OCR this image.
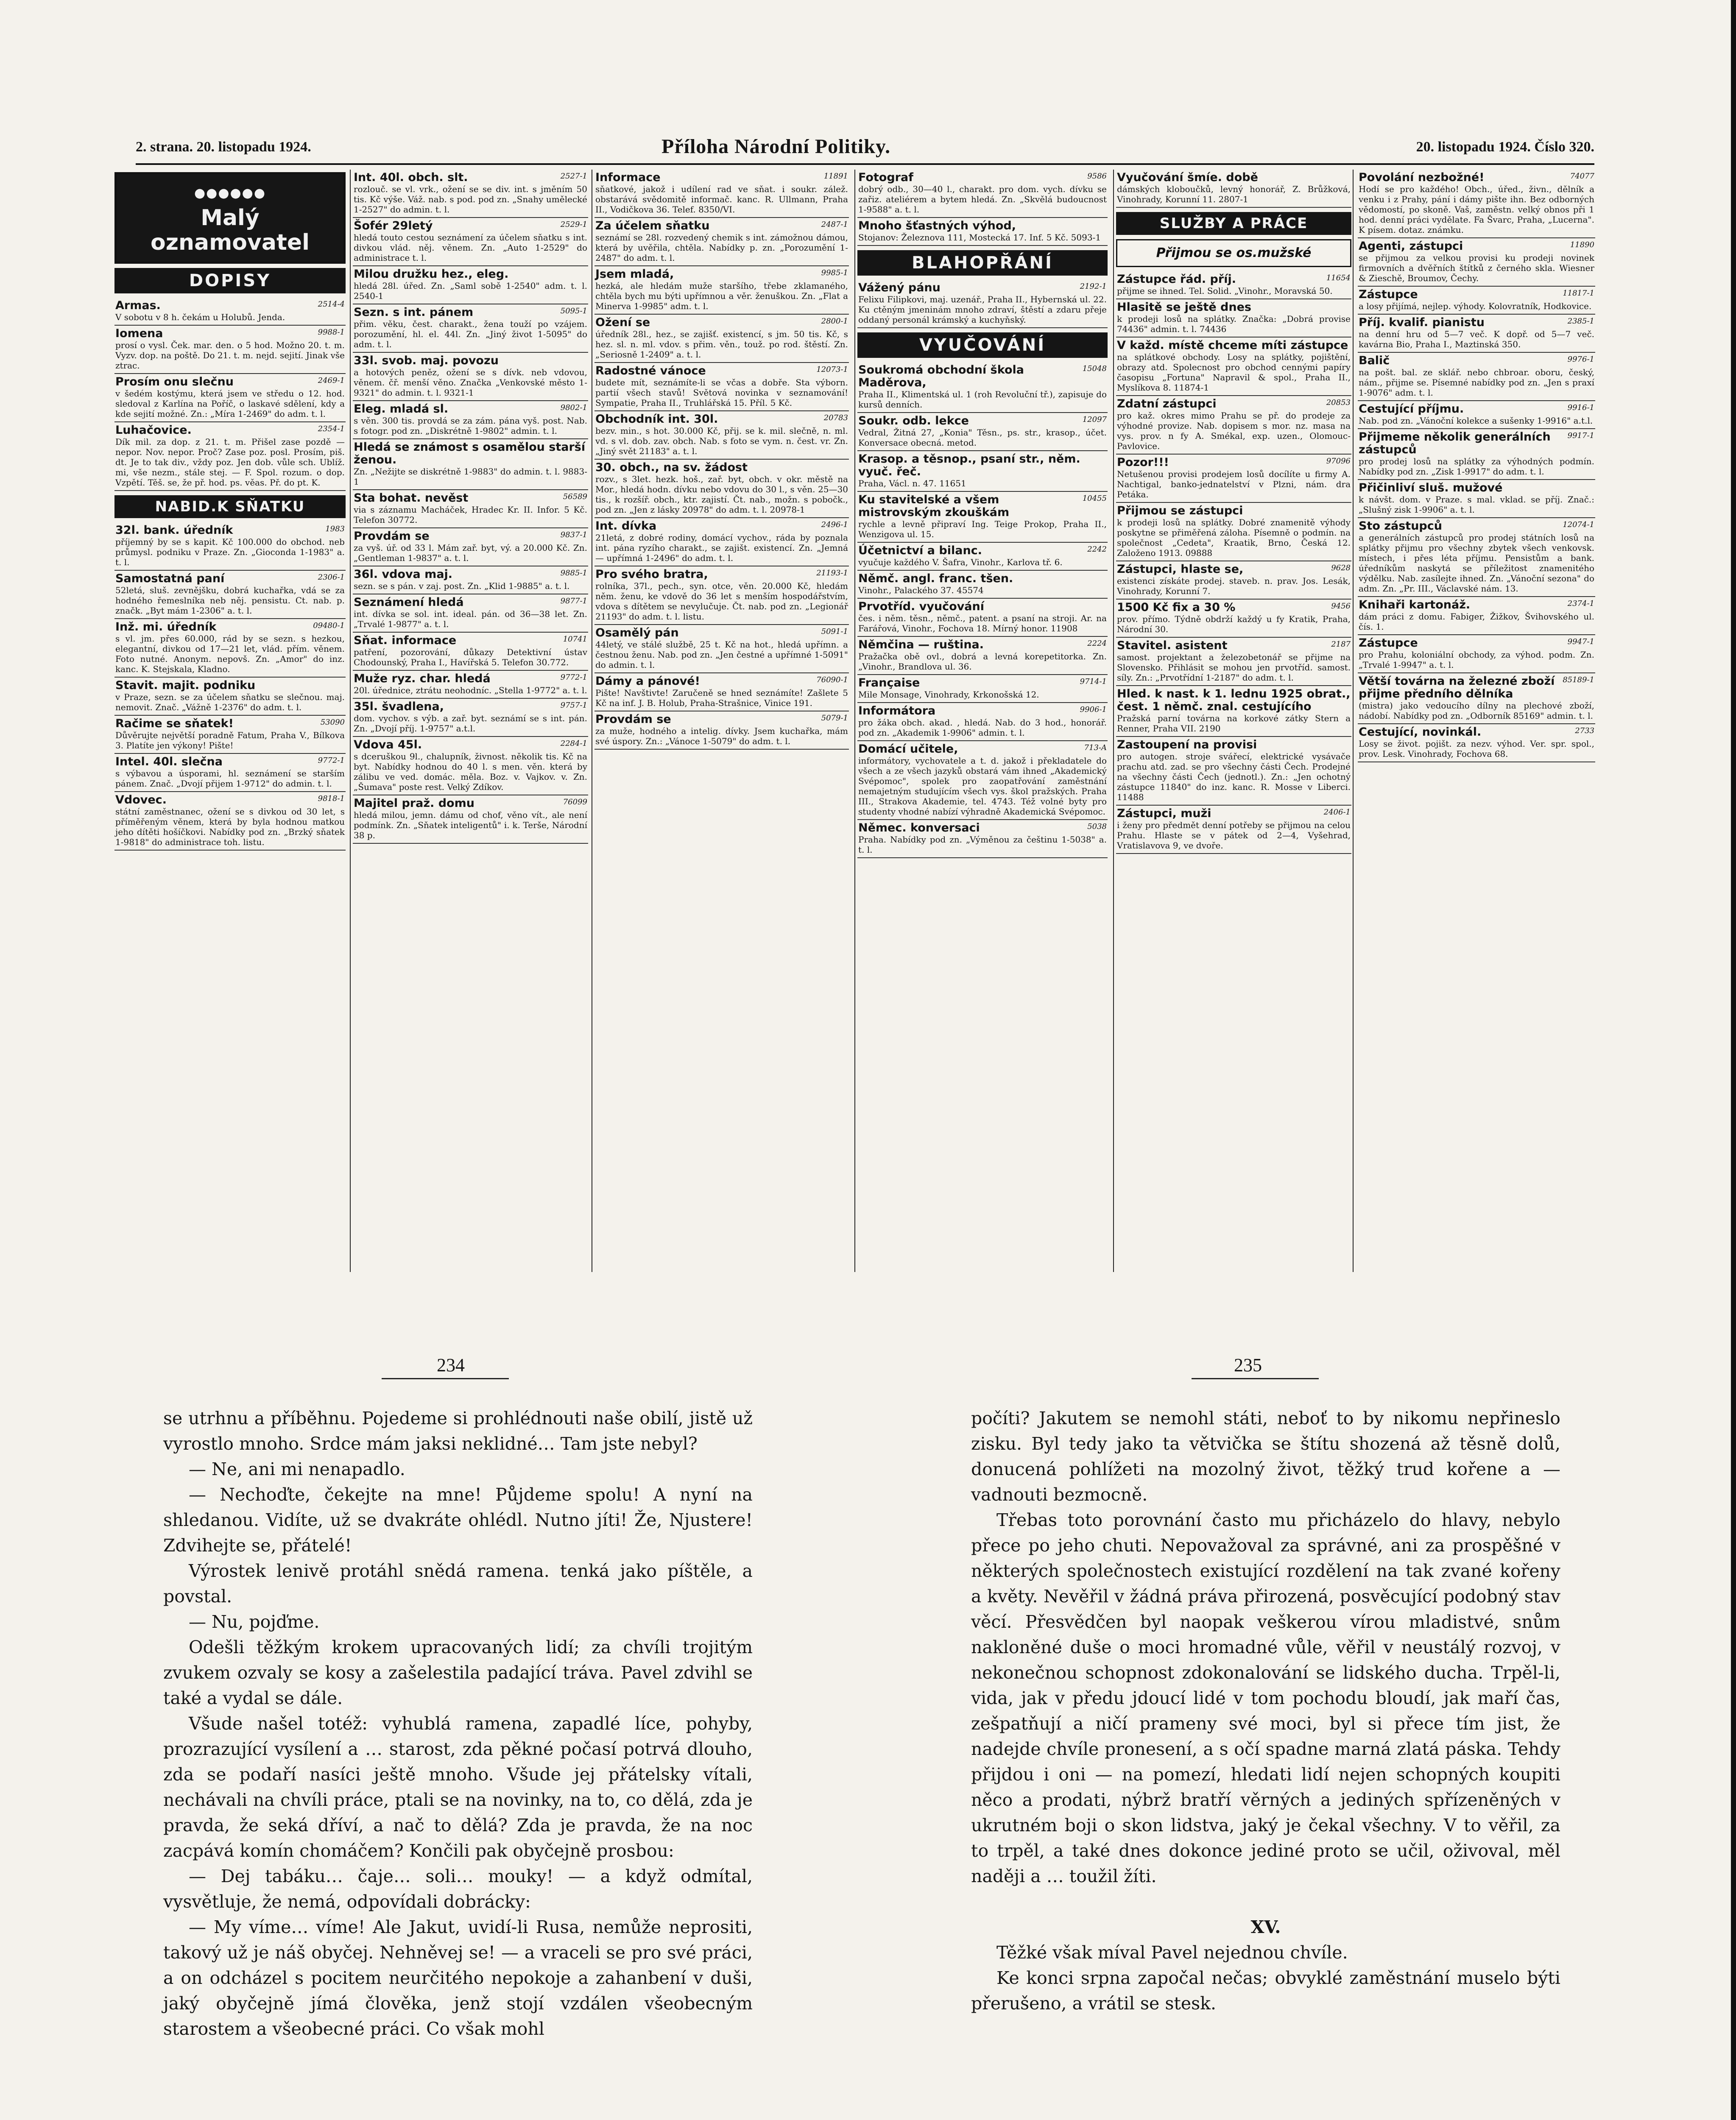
2. strana. 20. listopadu 1924.	Příloha Národní Politiky.	20. listopadu 1924. Číslo 320.
●●●●●●
Malý
oznamovatel
DOPISY
2514-4
Armas.
V sobotu v 8 h. čekám u Holubů. Jenda.
9988-1
Iomena
prosí o vysl. Ček. mar. den. o 5 hod. Možno 20. t. m. Vyzv. dop. na poště. Do 21. t. m. nejd. sejití. Jinak vše ztrac.
2469-1
Prosím onu slečnu
v šedém kostýmu, která jsem ve středu o 12. hod. sledoval z Karlína na Poříč, o laskavé sdělení, kdy a kde sejití možné. Zn.: „Míra 1-2469" do adm. t. l.
2354-1
Luhačovice.
Dík mil. za dop. z 21. t. m. Přišel zase pozdě — nepor. Nov. nepor. Proč? Zase poz. posl. Prosím, piš. dt. Je to tak div., vždy poz. Jen dob. vůle sch. Ublíž. mi, vše nezm., stále stej. — F. Spol. rozum. o dop. Vzpětí. Těš. se, že př. hod. ps. věas. Př. do pt. K.
NABID.K SŇATKU
1983
32l. bank. úředník
příjemný by se s kapit. Kč 100.000 do obchod. neb průmysl. podniku v Praze. Zn. „Gioconda 1-1983" a. t. l.
2306-1
Samostatná paní
52letá, sluš. zevnějšku, dobrá kuchařka, vdá se za hodného řemeslníka neb něj. pensistu. Ct. nab. p. značk. „Byt mám 1-2306" a. t. l.
09480-1
Inž. mi. úředník
s vl. jm. přes 60.000, rád by se sezn. s hezkou, elegantní, divkou od 17—21 let, vlád. přím. věnem. Foto nutné. Anonym. nepovš. Zn. „Amor" do inz. kanc. K. Stejskala, Kladno.
Stavit. majit. podniku
v Praze, sezn. se za účelem sňatku se slečnou. maj. nemovit. Znač. „Vážně 1-2376" do adm. t. l.
53090
Račime se sňatek!
Důvěrujte největší poradně Fatum, Praha V., Bílkova 3. Platíte jen výkony! Pište!
9772-1
Intel. 40l. slečna
s výbavou a úsporami, hl. seznámení se starším pánem. Znač. „Dvojí přijem 1-9712" do admin. t. l.
9818-1
Vdovec.
státní zaměstnanec, ožení se s divkou od 30 let, s příměřeným věnem, která by byla hodnou matkou jeho dítěti hošíčkovi. Nabídky pod zn. „Brzký sňatek 1-9818" do administrace toh. listu.
2527-1
Int. 40l. obch. slt.
rozlouč. se vl. vrk., ožení se se div. int. s jměním 50 tis. Kč výše. Váž. nab. s pod. pod zn. „Snahy umělecké 1-2527" do admin. t. l.
2529-1
Šofér 29letý
hledá touto cestou seznámení za účelem sňatku s int. divkou vlád. něj. věnem. Zn. „Auto 1-2529" do administrace t. l.
Milou družku hez., eleg.
hledá 28l. úřed. Zn. „Saml sobě 1-2540" adm. t. l. 2540-1
5095-1
Sezn. s int. pánem
přim. věku, čest. charakt., žena touží po vzájem. porozumění, hl. el. 44l. Zn. „Jiný život 1-5095" do adm. t. l.
33l. svob. maj. povozu
a hotových peněz, ožení se s dívk. neb vdovou, věnem. čř. menší věno. Značka „Venkovské město 1-9321" do admin. t. l. 9321-1
9802-1
Eleg. mladá sl.
s věn. 300 tis. provdá se za zám. pána vyš. post. Nab. s fotogr. pod zn. „Diskrétně 1-9802" admin. t. l.
Hledá se známost s osamělou starší ženou.
Zn. „Nežijte se diskrétně 1-9883" do admin. t. l. 9883-1
56589
Sta bohat. nevěst
via s záznamu Macháček, Hradec Kr. II. Infor. 5 Kč. Telefon 30772.
9837-1
Provdám se
za vyš. úř. od 33 l. Mám zař. byt, vý. a 20.000 Kč. Zn. „Gentleman 1-9837" a. t. l.
9885-1
36l. vdova maj.
sezn. se s pán. v zaj. post. Zn. „Klid 1-9885" a. t. l.
9877-1
Seznámení hledá
int. dívka se sol. int. ideal. pán. od 36—38 let. Zn. „Trvalé 1-9877" a. t. l.
10741
Sňat. informace
patření, pozorování, důkazy Detektivní ústav Chodounský, Praha I., Havířská 5. Telefon 30.772.
9772-1
Muže ryz. char. hledá
20l. úřednice, ztrátu neohodníc. „Stella 1-9772" a. t. l.
9757-1
35l. švadlena,
dom. vychov. s výb. a zař. byt. seznámí se s int. pán. Zn. „Dvojí příj. 1-9757" a.t.l.
2284-1
Vdova 45l.
s dceruškou 9l., chalupník, živnost. několik tis. Kč na byt. Nabídky hodnou do 40 l. s men. věn. která by zálibu ve ved. domác. měla. Boz. v. Vajkov. v. Zn. „Šumava" poste rest. Velký Zdíkov.
76099
Majitel praž. domu
hledá milou, jemn. dámu od chof, věno vít., ale není podmínk. Zn. „Sňatek inteligentů" i. k. Terše, Národní 38 p.
11891
Informace
sňatkové, jakož i udílení rad ve sňat. i soukr. zálež. obstarává svědomitě informač. kanc. R. Ullmann, Praha II., Vodičkova 36. Telef. 8350/VI.
2487-1
Za účelem sňatku
seznámí se 28l. rozvedený chemik s int. zámožnou dámou, která by uvěřila, chtěla. Nabídky p. zn. „Porozumění 1-2487" do adm. t. l.
9985-1
Jsem mladá,
hezká, ale hledám muže staršího, třebe zklamaného, chtěla bych mu býti upřímnou a věr. ženuškou. Zn. „Flat a Minerva 1-9985" adm. t. l.
2800-1
Ožení se
úředník 28l., hez., se zajišť. existencí, s jm. 50 tis. Kč, s hez. sl. n. ml. vdov. s přim. věn., touž. po rod. štěstí. Zn. „Seriosně 1-2409" a. t. l.
12073-1
Radostné vánoce
budete mít, seznámíte-li se včas a dobře. Sta výborn. partií všech stavů! Světová novinka v seznamování! Sympatie, Praha II., Truhlářská 15. Příl. 5 Kč.
20783
Obchodník int. 30l.
bezv. min., s hot. 30.000 Kč, přij. se k. mil. slečně, n. ml. vd. s vl. dob. zav. obch. Nab. s foto se vym. n. čest. vr. Zn. „Jiný svět 21183" a. t. l.
30. obch., na sv. žádost
rozv., s 3let. hezk. hoš., zař. byt, obch. v okr. městě na Mor., hledá hodn. dívku nebo vdovu do 30 l., s věn. 25—30 tis., k rozšíř. obch., ktr. zajistí. Čt. nab., možn. s pobočk., pod zn. „Jen z lásky 20978" do adm. t. l. 20978-1
2496-1
Int. dívka
21letá, z dobré rodiny, domácí vychov., ráda by poznala int. pána ryzího charakt., se zajišt. existencí. Zn. „Jemná — upřímná 1-2496" do adm. t. l.
21193-1
Pro svého bratra,
rolníka, 37l., pech., syn. otce, věn. 20.000 Kč, hledám něm. ženu, ke vdově do 36 let s menším hospodářstvím, vdova s dítětem se nevylučuje. Čt. nab. pod zn. „Legionář 21193" do adm. t. l. listu.
5091-1
Osamělý pán
44letý, ve stálé službě, 25 t. Kč na hot., hledá upřímn. a čestnou ženu. Nab. pod zn. „Jen čestné a upřímné 1-5091" do admin. t. l.
76090-1
Dámy a pánové!
Pište! Navštivte! Zaručeně se hned seznámíte! Zašlete 5 Kč na inf. J. B. Holub, Praha-Strašnice, Vinice 191.
5079-1
Provdám se
za muže, hodného a intelig. dívky. Jsem kuchařka, mám své úspory. Zn.: „Vánoce 1-5079" do adm. t. l.
9586
Fotograf
dobrý odb., 30—40 l., charakt. pro dom. vych. dívku se zařiz. ateliérem a bytem hledá. Zn. „Skvělá budoucnost 1-9588" a. t. l.
Mnoho šťastných výhod,
Stojanov: Železnova 111, Mostecká 17. Inf. 5 Kč. 5093-1
BLAHOPŘÁNÍ
2192-1
Vážený pánu
Felixu Filipkovi, maj. uzenář., Praha II., Hybernská ul. 22. Ku ctěným jmeninám mnoho zdraví, štěstí a zdaru přeje oddaný personál krámský a kuchyňský.
VYUČOVÁNÍ
15048
Soukromá obchodní škola Maděrova,
Praha II., Klimentská ul. 1 (roh Revoluční tř.), zapisuje do kursů denních.
12097
Soukr. odb. lekce
Vedral, Žitná 27, „Konia" Těsn., ps. str., krasop., účet. Konversace obecná. metod.
Krasop. a těsnop., psaní str., něm. vyuč. řeč.
Praha, Václ. n. 47. 11651
10455
Ku stavitelské a všem mistrovským zkouškám
rychle a levně připraví Ing. Teige Prokop, Praha II., Wenzigova ul. 15.
2242
Účetnictví a bilanc.
vyučuje každého V. Šafra, Vinohr., Karlova tř. 6.
Němč. angl. franc. tšen.
Vinohr., Palackého 37. 45574
Prvotříd. vyučování
čes. i něm. těsn., němč., patent. a psaní na stroji. Ar. na Farářová, Vinohr., Fochova 18. Mírný honor. 11908
2224
Němčina — ruština.
Pražačka obě ovl., dobrá a levná korepetitorka. Zn. „Vinohr., Brandlova ul. 36.
9714-1
Française
Mile Monsage, Vinohrady, Krkonošská 12.
9906-1
Informátora
pro žáka obch. akad. , hledá. Nab. do 3 hod., honorář. pod zn. „Akademik 1-9906" admin. t. l.
713-A
Domácí učitele,
informátory, vychovatele a t. d. jakož i překladatele do všech a ze všech jazyků obstará vám ihned „Akademický Svépomoc", spolek pro zaopatřování zaměstnání nemajetným studujícím všech vys. škol pražských. Praha III., Strakova Akademie, tel. 4743. Též volné byty pro studenty vhodné nabízí výhradně Akademická Svépomoc.
5038
Němec. konversaci
Praha. Nabídky pod zn. „Výměnou za češtinu 1-5038" a. t. l.
Vyučování šmíe. době
dámských kloboučků, levný honorář, Z. Brůžková, Vinohrady, Korunní 11. 2807-1
SLUŽBY A PRÁCE
Přijmou se os.mužské
11654
Zástupce řád. příj.
přijme se ihned. Tel. Solid. „Vinohr., Moravská 50.
Hlasitě se ještě dnes
k prodeji losů na splátky. Značka: „Dobrá provise 74436" admin. t. l. 74436
V každ. místě chceme míti zástupce
na splátkové obchody. Losy na splátky, pojištění, obrazy atd. Spolecnost pro obchod cennými papíry časopisu „Fortuna" Napravil & spol., Praha II., Myslíkova 8. 11874-1
20853
Zdatní zástupci
pro kaž. okres mimo Prahu se př. do prodeje za výhodné provize. Nab. dopisem s mor. nz. masa na vys. prov. n fy A. Smékal, exp. uzen., Olomouc-Pavlovice.
97096
Pozor!!!
Netušenou provisi prodejem losů docílíte u firmy A. Nachtigal, banko-jednatelství v Plzni, nám. dra Petáka.
Přijmou se zástupci
k prodeji losů na splátky. Dobré znamenitě výhody poskytne se přiměřená záloha. Písemně o podmín. na společnost „Cedeta", Kraatik, Brno, Česká 12. Založeno 1913. 09888
9628
Zástupci, hlaste se,
existenci získáte prodej. staveb. n. prav. Jos. Lesák, Vinohrady, Korunní 7.
9456
1500 Kč fix a 30 %
prov. přímo. Týdně obdrží každý u fy Kratik, Praha, Národní 30.
2187
Stavitel. asistent
samost. projektant a železobetonář se přijme na Slovensko. Přihlásit se mohou jen prvotříd. samost. síly. Zn.: „Prvotřídní 1-2187" do adm. t. l.
Hled. k nast. k 1. lednu 1925 obrat., čest. 1 němč. znal. cestujícího
Pražská parní továrna na korkové zátky Stern a Renner, Praha VII. 2190
Zastoupení na provisi
pro autogen. stroje svářecí, elektrické vysávače prachu atd. zad. se pro všechny části Čech. Prodejné na všechny části Čech (jednotl.). Zn.: „Jen ochotný zástupce 11840" do inz. kanc. R. Mosse v Liberci. 11488
2406-1
Zástupci, muži
i ženy pro předmět denní potřeby se přijmou na celou Prahu. Hlaste se v pátek od 2—4, Vyšehrad, Vratislavova 9, ve dvoře.
74077
Povolání nezbožné!
Hodí se pro každého! Obch., úřed., živn., dělník a venku i z Prahy, pání i dámy pište ihn. Bez odborných vědomostí, po skoně. Vaš, zaměstn. velký obnos při 1 hod. denní práci vydělate. Fa Švarc, Praha, „Lucerna". K písem. dotaz. známku.
11890
Agenti, zástupci
se přijmou za velkou provisi ku prodeji novinek firmovních a dvěřních štítků z černého skla. Wiesner & Zieschě, Broumov, Čechy.
11817-1
Zástupce
a losy přijímá, nejlep. výhody. Kolovratník, Hodkovice.
2385-1
Příj. kvalif. pianistu
na denní hru od 5—7 več. K dopř. od 5—7 več. kavárna Bio, Praha I., Maztinská 350.
9976-1
Balič
na pošt. bal. ze sklář. nebo chbroar. oboru, český, nám., přijme se. Písemné nabídky pod zn. „Jen s praxí 1-9076" adm. t. l.
9916-1
Cestující příjmu.
Nab. pod zn. „Vánoční kolekce a sušenky 1-9916" a.t.l.
9917-1
Přijmeme několik generálních zástupců
pro prodej losů na splátky za výhodných podmín. Nabídky pod zn. „Zisk 1-9917" do adm. t. l.
Přičinliví sluš. mužové
k návšt. dom. v Praze. s mal. vklad. se příj. Znač.: „Slušný zisk 1-9906" a. t. l.
12074-1
Sto zástupců
a generálních zástupců pro prodej státních losů na splátky přijmu pro všechny zbytek všech venkovsk. místech, i přes léta příjmu. Pensistům a bank. úředníkům naskytá se příležitost znamenitého výdělku. Nab. zasílejte ihned. Zn. „Vánoční sezona" do adm. Zn. „Pr. III., Václavské nám. 13.
2374-1
Knihaři kartonáž.
dám práci z domu. Fabiger, Žižkov, Švihovského ul. čís. 1.
9947-1
Zástupce
pro Prahu, koloniální obchody, za výhod. podm. Zn. „Trvalé 1-9947" a. t. l.
85189-1
Větší továrna na železné zboží přijme předního dělníka
(mistra) jako vedoucího dílny na plechové zboží, nádobí. Nabídky pod zn. „Odborník 85169" admin. t. l.
2733
Cestující, novinkál.
Losy se život. pojišt. za nezv. výhod. Ver. spr. spol., prov. Lesk. Vinohrady, Fochova 68.
234	235

se utrhnu a příběhnu. Pojedeme si prohlédnouti naše obilí, jistě už vyrostlo mnoho. Srdce mám jaksi neklidné… Tam jste nebyl?

— Ne, ani mi nenapadlo.

— Nechoďte, čekejte na mne! Půjdeme spolu! A nyní na shledanou. Vidíte, už se dvakráte ohlédl. Nutno jíti! Že, Njustere! Zdvihejte se, přátelé!

Výrostek lenivě protáhl snědá ramena. tenká jako píštěle, a povstal.

— Nu, pojďme.

Odešli těžkým krokem upracovaných lidí; za chvíli trojitým zvukem ozvaly se kosy a zašelestila padající tráva. Pavel zdvihl se také a vydal se dále.

Všude našel totéž: vyhublá ramena, zapadlé líce, pohyby, prozrazující vysílení a … starost, zda pěkné počasí potrvá dlouho, zda se podaří nasíci ještě mnoho. Všude jej přátelsky vítali, nechávali na chvíli práce, ptali se na novinky, na to, co dělá, zda je pravda, že seká dříví, a nač to dělá? Zda je pravda, že na noc zacpává komín chomáčem? Končili pak obyčejně prosbou:

— Dej tabáku… čaje… soli… mouky! — a když odmítal, vysvětluje, že nemá, odpovídali dobrácky:

— My víme… víme! Ale Jakut, uvidí-li Rusa, nemůže neprositi, takový už je náš obyčej. Nehněvej se! — a vraceli se pro své práci, a on odcházel s pocitem neurčitého nepokoje a zahanbení v duši, jaký obyčejně jímá člověka, jenž stojí vzdálen všeobecným starostem a všeobecné práci. Co však mohl

počíti? Jakutem se nemohl státi, neboť to by nikomu nepřineslo zisku. Byl tedy jako ta větvička se štítu shozená až těsně dolů, donucená pohlížeti na mozolný život, těžký trud kořene a — vadnouti bezmocně.

Třebas toto porovnání často mu přicházelo do hlavy, nebylo přece po jeho chuti. Nepovažoval za správné, ani za prospěšné v některých společnostech existující rozdělení na tak zvané kořeny a květy. Nevěřil v žádná práva přirozená, posvěcující podobný stav věcí. Přesvědčen byl naopak veškerou vírou mladistvé, snům nakloněné duše o moci hromadné vůle, věřil v neustálý rozvoj, v nekonečnou schopnost zdokonalování se lidského ducha. Trpěl-li, vida, jak v předu jdoucí lidé v tom pochodu bloudí, jak maří čas, zešpatňují a ničí prameny své moci, byl si přece tím jist, že nadejde chvíle pronesení, a s očí spadne marná zlatá páska. Tehdy přijdou i oni — na pomezí, hledati lidí nejen schopných koupiti něco a prodati, nýbrž bratří věrných a jediných spřízeněných v ukrutném boji o skon lidstva, jaký je čekal všechny. V to věřil, za to trpěl, a také dnes dokonce jediné proto se učil, oživoval, měl naději a … toužil žíti.

XV.

Těžké však míval Pavel nejednou chvíle.

Ke konci srpna započal nečas; obvyklé zaměstnání muselo býti přerušeno, a vrátil se stesk.
